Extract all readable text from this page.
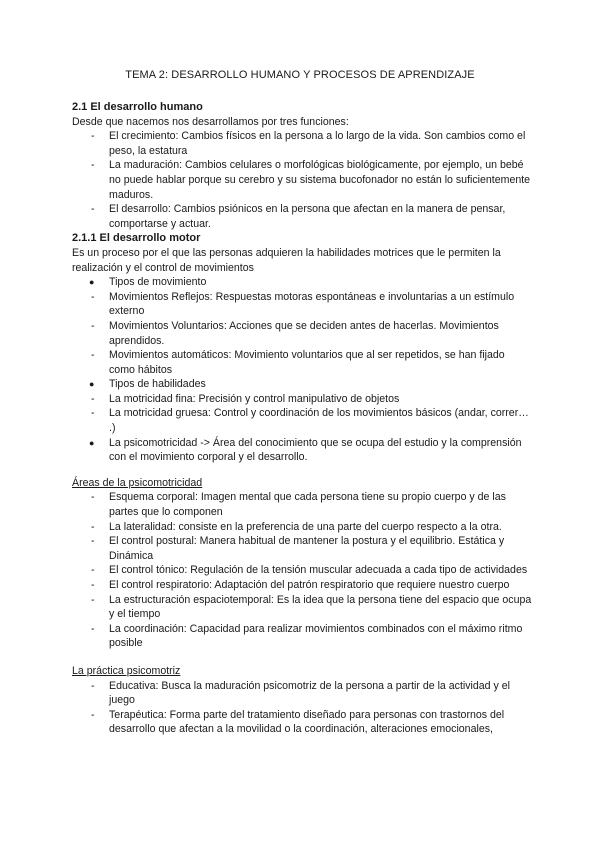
TEMA 2: DESARROLLO HUMANO Y PROCESOS DE APRENDIZAJE

2.1 El desarrollo humano

Desde que nacemos nos desarrollamos por tres funciones:

-	El crecimiento: Cambios físicos en la persona a lo largo de la vida. Son cambios como el peso, la estatura
-	La maduración: Cambios celulares o morfológicas biológicamente, por ejemplo, un bebé no puede hablar porque su cerebro y su sistema bucofonador no están lo suficientemente maduros.
-	El desarrollo: Cambios psiónicos en la persona que afectan en la manera de pensar, comportarse y actuar.

2.1.1 El desarrollo motor

Es un proceso por el que las personas adquieren la habilidades motrices que le permiten la realización y el control de movimientos

●	Tipos de movimiento
-	Movimientos Reflejos: Respuestas motoras espontáneas e involuntarias a un estímulo externo
-	Movimientos Voluntarios: Acciones que se deciden antes de hacerlas. Movimientos aprendidos.
-	Movimientos automáticos: Movimiento voluntarios que al ser repetidos, se han fijado como hábitos
●	Tipos de habilidades
-	La motricidad fina: Precisión y control manipulativo de objetos
-	La motricidad gruesa: Control y coordinación de los movimientos básicos (andar, correr… .)
●	La psicomotricidad -> Área del conocimiento que se ocupa del estudio y la comprensión con el movimiento corporal y el desarrollo.

Áreas de la psicomotricidad

-	Esquema corporal: Imagen mental que cada persona tiene su propio cuerpo y de las partes que lo componen
-	La lateralidad: consiste en la preferencia de una parte del cuerpo respecto a la otra.
-	El control postural: Manera habitual de mantener la postura y el equilibrio. Estática y Dinámica
-	El control tónico: Regulación de la tensión muscular adecuada a cada tipo de actividades
-	El control respiratorio: Adaptación del patrón respiratorio que requiere nuestro cuerpo
-	La estructuración espaciotemporal: Es la idea que la persona tiene del espacio que ocupa y el tiempo
-	La coordinación: Capacidad para realizar movimientos combinados con el máximo ritmo posible

La práctica psicomotriz

-	Educativa: Busca la maduración psicomotriz de la persona a partir de la actividad y el juego
-	Terapéutica: Forma parte del tratamiento diseñado para personas con trastornos del desarrollo que afectan a la movilidad o la coordinación, alteraciones emocionales,
